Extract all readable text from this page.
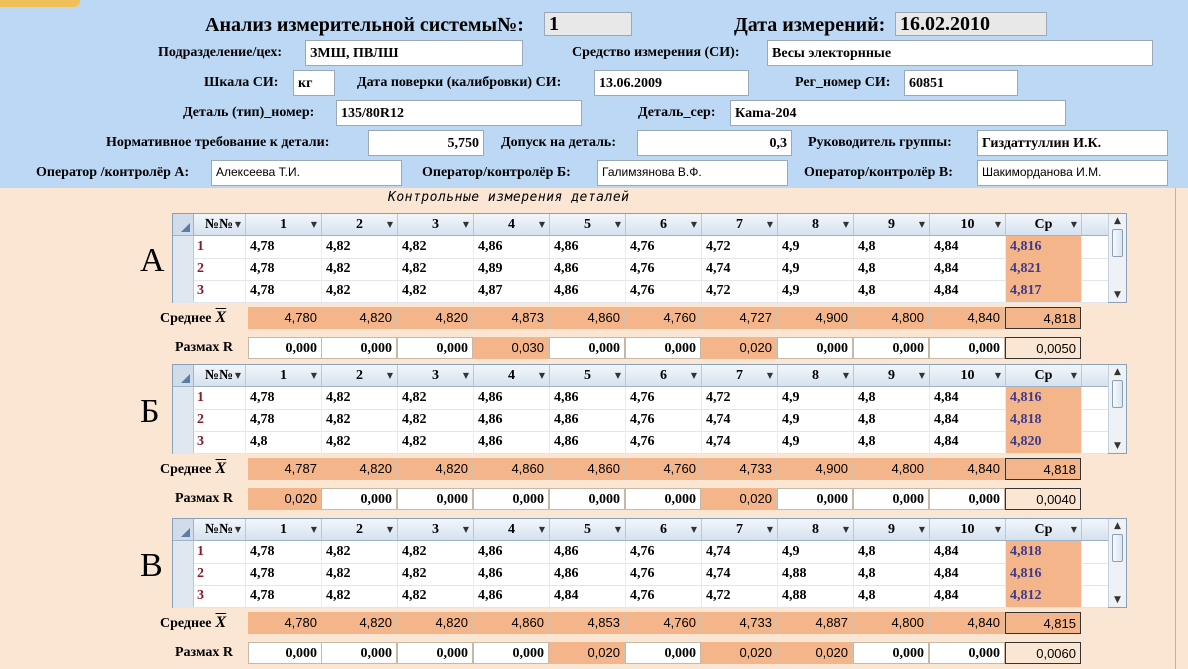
Анализ измерительной системы№: 1	Дата измерений: 16.02.2010
Подразделение/цех:	ЗМШ, ПВЛШ	Средство измерения (СИ):	Весы электорнные
Шкала СИ:	кг	Дата поверки (калибровки) СИ:	13.06.2009	Рег_номер СИ:	60851
Деталь (тип)_номер:	135/80R12	Деталь_сер:	Кama-204
Нормативное требование к детали:	5,750	Допуск на деталь:	0,3	Руководитель группы:	Гиздаттуллин И.К.
Оператор /контролёр А:	Алексеева Т.И.	Оператор/контролёр Б:	Галимзянова В.Ф.	Оператор/контролёр В:	Шакиморданова И.М.
Контрольные измерения деталей
А
№№ ▼	1	▼	2	▼	3	▼	4	▼	5	▼	6	▼	7	▼	8	▼	9	▼	10	▼	Ср ▼
1	4,78	4,82	4,82	4,86	4,86	4,76	4,72	4,9	4,8	4,84	4,816
2	4,78	4,82	4,82	4,89	4,86	4,76	4,74	4,9	4,8	4,84	4,821
3	4,78	4,82	4,82	4,87	4,86	4,76	4,72	4,9	4,8	4,84	4,817
▲
▼
Среднее $\overline{X}$	4,780	4,820	4,820	4,873	4,860	4,760	4,727	4,900	4,800	4,840	4,818
Размах R	0,000	0,000	0,000	0,030	0,000	0,000	0,020	0,000	0,000	0,000	0,0050
Б
№№ ▼	1	▼	2	▼	3	▼	4	▼	5	▼	6	▼	7	▼	8	▼	9	▼	10	▼	Ср ▼
1	4,78	4,82	4,82	4,86	4,86	4,76	4,72	4,9	4,8	4,84	4,816
2	4,78	4,82	4,82	4,86	4,86	4,76	4,74	4,9	4,8	4,84	4,818
3	4,8	4,82	4,82	4,86	4,86	4,76	4,74	4,9	4,8	4,84	4,820
▲
▼
Среднее $\overline{X}$	4,787	4,820	4,820	4,860	4,860	4,760	4,733	4,900	4,800	4,840	4,818
Размах R	0,020	0,000	0,000	0,000	0,000	0,000	0,020	0,000	0,000	0,000	0,0040
В
№№ ▼	1	▼	2	▼	3	▼	4	▼	5	▼	6	▼	7	▼	8	▼	9	▼	10	▼	Ср ▼
1	4,78	4,82	4,82	4,86	4,86	4,76	4,74	4,9	4,8	4,84	4,818
2	4,78	4,82	4,82	4,86	4,86	4,76	4,74	4,88	4,8	4,84	4,816
3	4,78	4,82	4,82	4,86	4,84	4,76	4,72	4,88	4,8	4,84	4,812
▲
▼
Среднее $\overline{X}$	4,780	4,820	4,820	4,860	4,853	4,760	4,733	4,887	4,800	4,840	4,815
Размах R	0,000	0,000	0,000	0,000	0,020	0,000	0,020	0,020	0,000	0,000	0,0060
